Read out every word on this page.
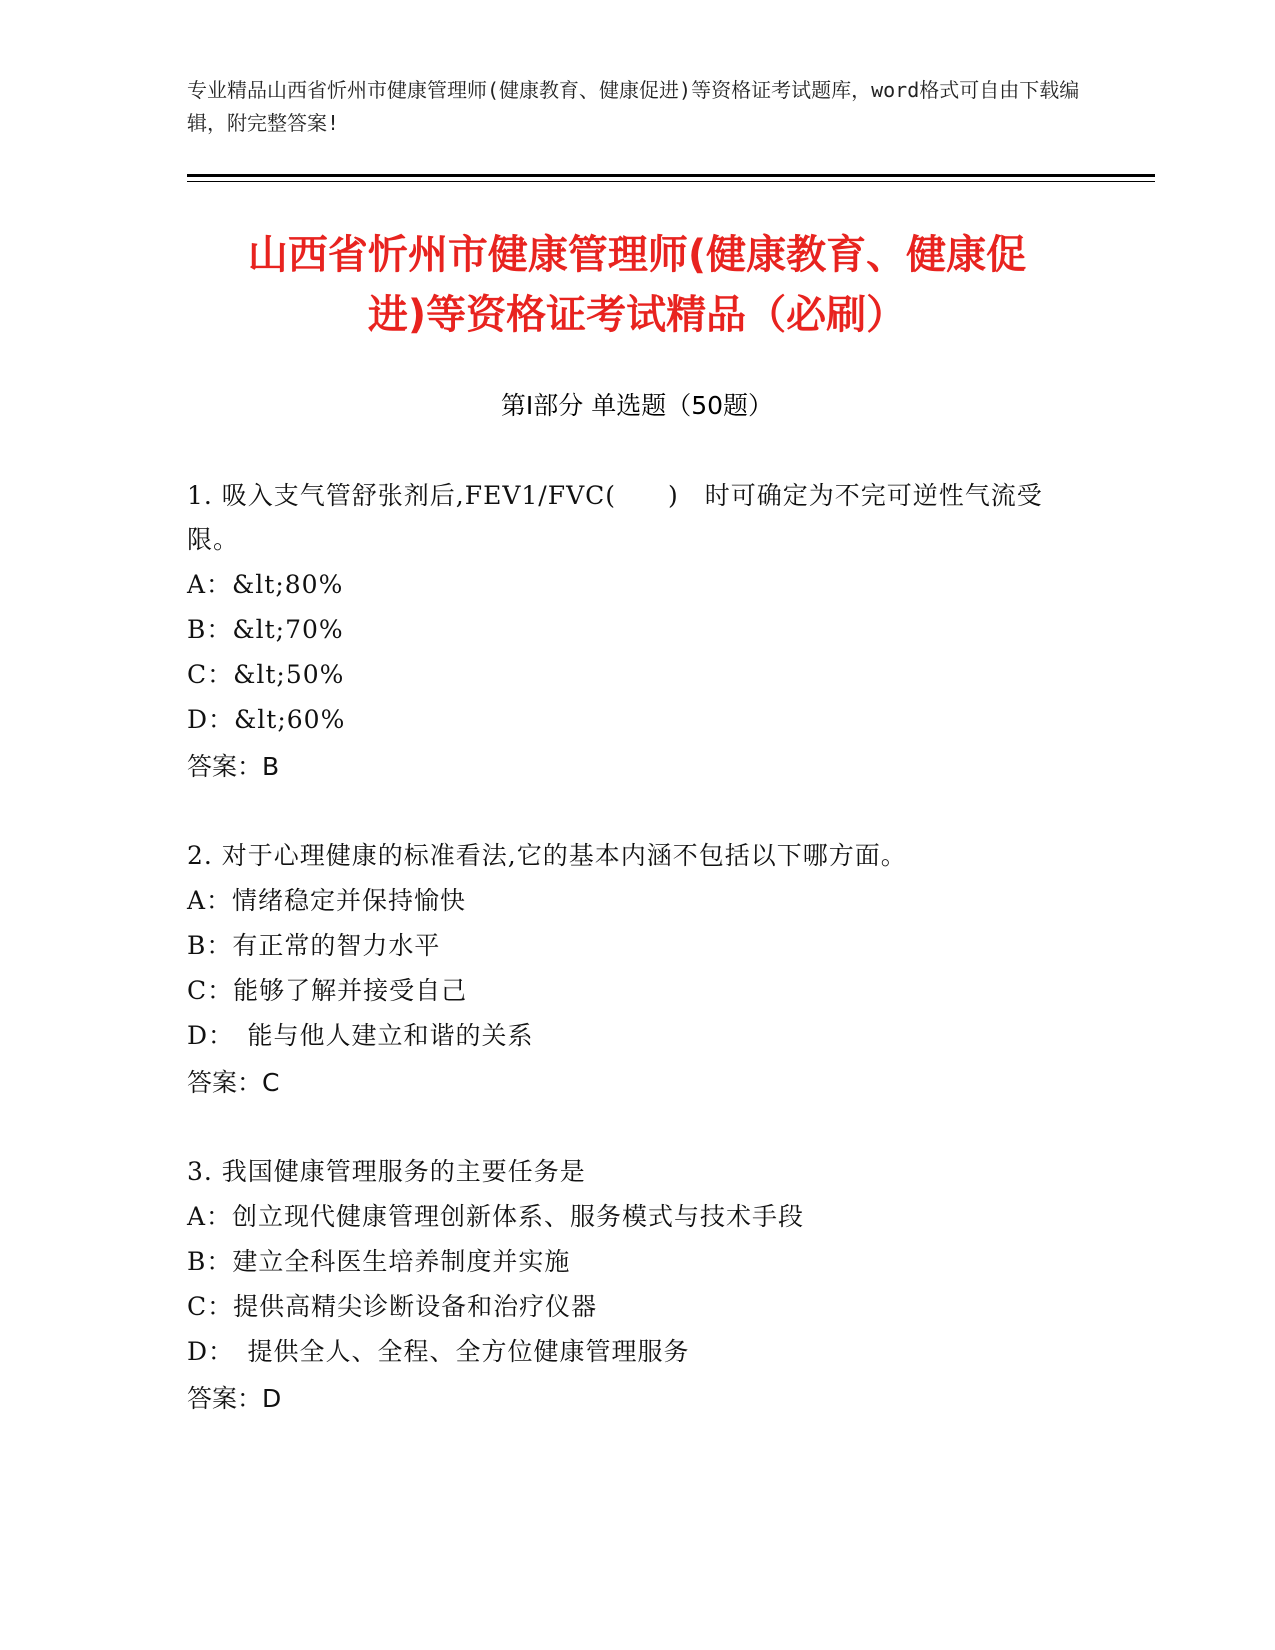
专业精品山西省忻州市健康管理师(健康教育、健康促进)等资格证考试题库，word格式可自由下载编辑，附完整答案!
山西省忻州市健康管理师(健康教育、健康促
进)等资格证考试精品（必刷）
第Ⅰ部分 单选题（50题）
1. 吸入支气管舒张剂后,FEV1/FVC(　　)　时可确定为不完可逆性气流受限。
A：&lt;80%
B：&lt;70%
C：&lt;50%
D：&lt;60%
答案：B
2. 对于心理健康的标准看法,它的基本内涵不包括以下哪方面。
A：情绪稳定并保持愉快
B：有正常的智力水平
C：能够了解并接受自己
D：　能与他人建立和谐的关系
答案：C
3. 我国健康管理服务的主要任务是
A：创立现代健康管理创新体系、服务模式与技术手段
B：建立全科医生培养制度并实施
C：提供高精尖诊断设备和治疗仪器
D：　提供全人、全程、全方位健康管理服务
答案：D
